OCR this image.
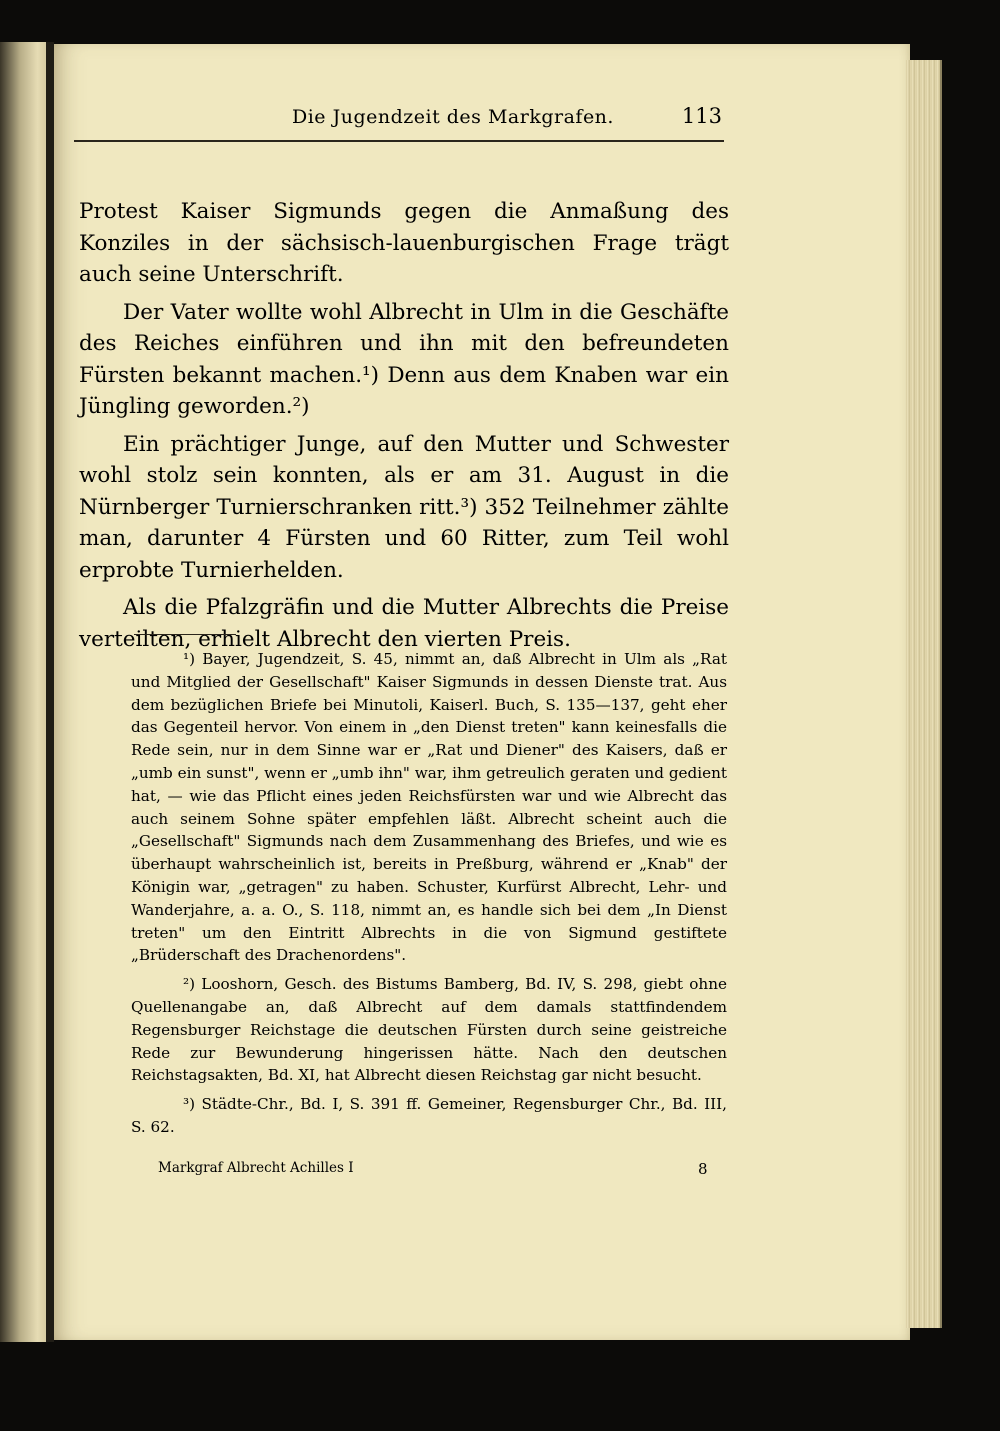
Die Jugendzeit des Markgrafen.	113

Protest Kaiser Sigmunds gegen die Anmaßung des Konziles in der sächsisch-lauenburgischen Frage trägt auch seine Unterschrift.

Der Vater wollte wohl Albrecht in Ulm in die Geschäfte des Reiches einführen und ihn mit den befreundeten Fürsten bekannt machen.¹) Denn aus dem Knaben war ein Jüngling geworden.²)

Ein prächtiger Junge, auf den Mutter und Schwester wohl stolz sein konnten, als er am 31. August in die Nürnberger Turnierschranken ritt.³) 352 Teilnehmer zählte man, darunter 4 Fürsten und 60 Ritter, zum Teil wohl erprobte Turnierhelden.

Als die Pfalzgräfin und die Mutter Albrechts die Preise verteilten, erhielt Albrecht den vierten Preis.

¹) Bayer, Jugendzeit, S. 45, nimmt an, daß Albrecht in Ulm als „Rat und Mitglied der Gesellschaft" Kaiser Sigmunds in dessen Dienste trat. Aus dem bezüglichen Briefe bei Minutoli, Kaiserl. Buch, S. 135—137, geht eher das Gegenteil hervor. Von einem in „den Dienst treten" kann keinesfalls die Rede sein, nur in dem Sinne war er „Rat und Diener" des Kaisers, daß er „umb ein sunst", wenn er „umb ihn" war, ihm getreulich geraten und gedient hat, — wie das Pflicht eines jeden Reichsfürsten war und wie Albrecht das auch seinem Sohne später empfehlen läßt. Albrecht scheint auch die „Gesellschaft" Sigmunds nach dem Zusammenhang des Briefes, und wie es überhaupt wahrscheinlich ist, bereits in Preßburg, während er „Knab" der Königin war, „getragen" zu haben. Schuster, Kurfürst Albrecht, Lehr- und Wanderjahre, a. a. O., S. 118, nimmt an, es handle sich bei dem „In Dienst treten" um den Eintritt Albrechts in die von Sigmund gestiftete „Brüderschaft des Drachenordens".

²) Looshorn, Gesch. des Bistums Bamberg, Bd. IV, S. 298, giebt ohne Quellenangabe an, daß Albrecht auf dem damals stattfindendem Regensburger Reichstage die deutschen Fürsten durch seine geistreiche Rede zur Bewunderung hingerissen hätte. Nach den deutschen Reichstagsakten, Bd. XI, hat Albrecht diesen Reichstag gar nicht besucht.

³) Städte-Chr., Bd. I, S. 391 ff. Gemeiner, Regensburger Chr., Bd. III, S. 62.

Markgraf Albrecht Achilles I	8
